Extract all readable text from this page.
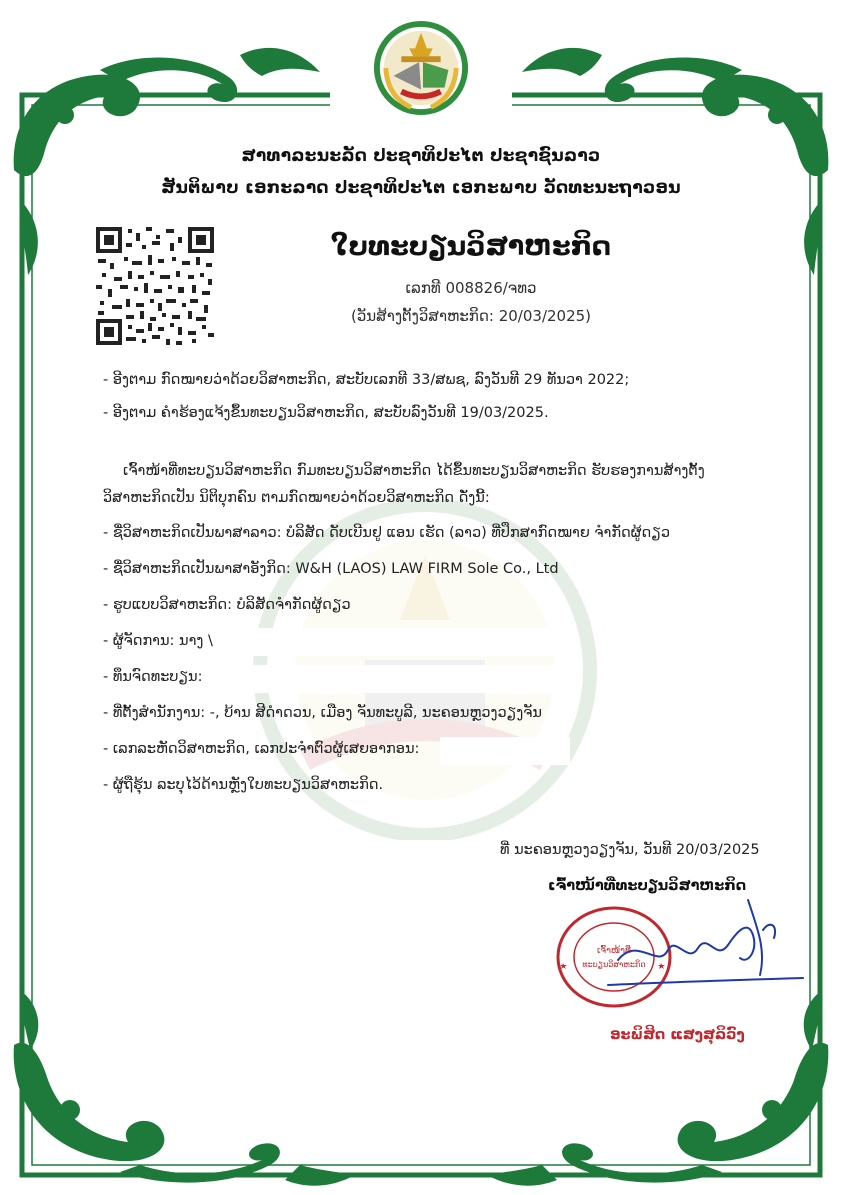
ສາທາລະນະລັດ ປະຊາທິປະໄຕ ປະຊາຊົນລາວ
ສັນຕິພາບ ເອກະລາດ ປະຊາທິປະໄຕ ເອກະພາບ ວັດທະນະຖາວອນ
ໃບທະບຽນວິສາຫະກິດ
ເລກທີ 008826/ຈທວ
(ວັນສ້າງຕັ້ງວິສາຫະກິດ: 20/03/2025)
- ອີງຕາມ ກົດໝາຍວ່າດ້ວຍວິສາຫະກິດ, ສະບັບເລກທີ 33/ສພຊ, ລົງວັນທີ 29 ທັນວາ 2022;
- ອີງຕາມ ຄໍາຮ້ອງແຈ້ງຂຶ້ນທະບຽນວິສາຫະກິດ, ສະບັບລົງວັນທີ 19/03/2025.
ເຈົ້າໜ້າທີ່ທະບຽນວິສາຫະກິດ ກົມທະບຽນວິສາຫະກິດ ໄດ້ຂຶ້ນທະບຽນວິສາຫະກິດ ຮັບຮອງການສ້າງຕັ້ງວິສາຫະກິດເປັນ ນິຕິບຸກຄົນ ຕາມກົດໝາຍວ່າດ້ວຍວິສາຫະກິດ ດັ່ງນີ້:
- ຊື່ວິສາຫະກິດເປັນພາສາລາວ: ບໍລິສັດ ດັບເບີນຢູ ແອນ ເຮັດ (ລາວ) ທີ່ປຶກສາກົດໝາຍ ຈໍາກັດຜູ້ດຽວ
- ຊື່ວິສາຫະກິດເປັນພາສາອັງກິດ: W&H (LAOS) LAW FIRM Sole Co., Ltd
- ຮູບແບບວິສາຫະກິດ: ບໍລິສັດຈໍາກັດຜູ້ດຽວ
- ຜູ້ຈັດການ: ນາງ \
- ທຶນຈົດທະບຽນ:
- ທີ່ຕັ້ງສໍານັກງານ: -, ບ້ານ ສີດໍາດວນ, ເມືອງ ຈັນທະບູລີ, ນະຄອນຫຼວງວຽງຈັນ
- ເລກລະຫັດວິສາຫະກິດ, ເລກປະຈໍາຕົວຜູ້ເສຍອາກອນ:
- ຜູ້ຖືຮຸ້ນ ລະບຸໄວ້ດ້ານຫຼັງໃບທະບຽນວິສາຫະກິດ.
ທີ່ ນະຄອນຫຼວງວຽງຈັນ, ວັນທີ 20/03/2025
ເຈົ້າໜ້າທີ່ທະບຽນວິສາຫະກິດ
ເຈົ້າໜ້າທີ່
ທະບຽນວິສາຫະກິດ
ອະພິສິດ ແສງສຸລິວົງ
